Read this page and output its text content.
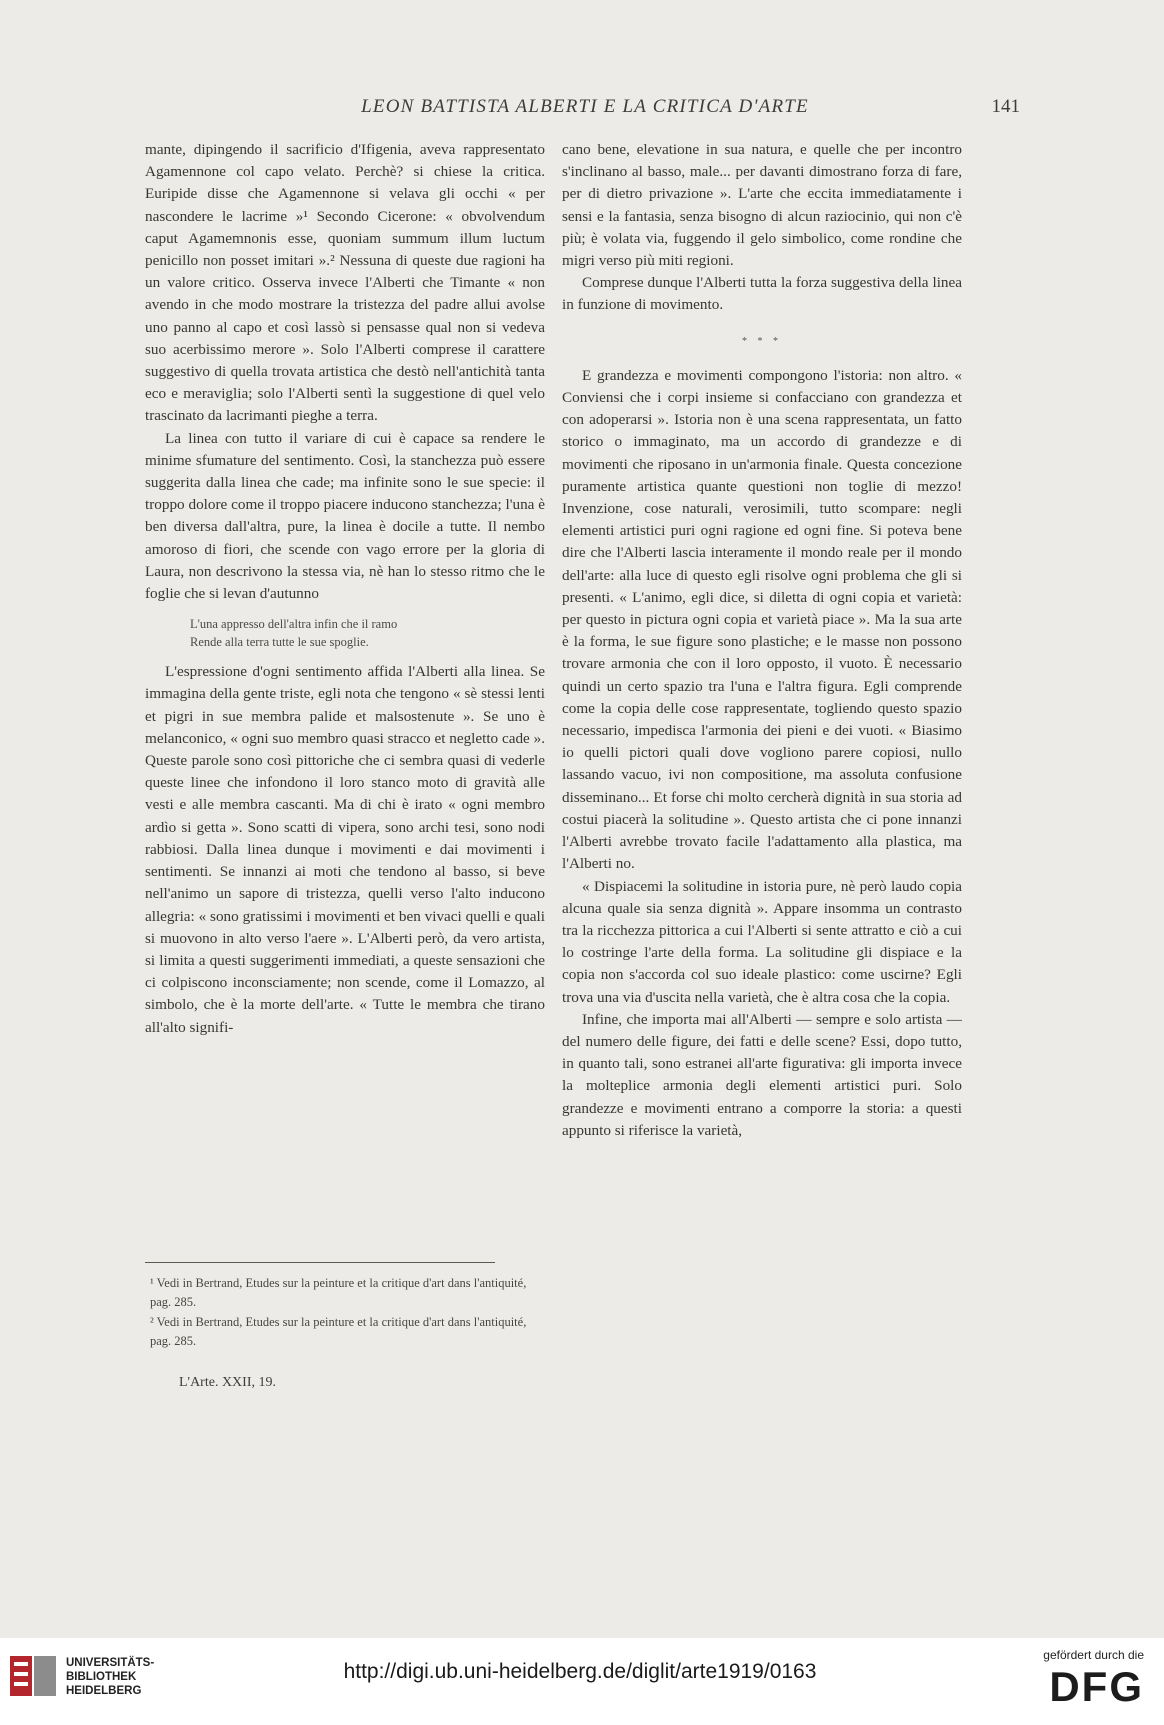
LEON BATTISTA ALBERTI E LA CRITICA D'ARTE	141

mante, dipingendo il sacrificio d'Ifigenia, aveva rappresentato Agamennone col capo velato. Perchè? si chiese la critica. Euripide disse che Agamennone si velava gli occhi « per nascondere le lacrime »¹ Secondo Cicerone: « obvolvendum caput Agamemnonis esse, quoniam summum illum luctum penicillo non posset imitari ».² Nessuna di queste due ragioni ha un valore critico. Osserva invece l'Alberti che Timante « non avendo in che modo mostrare la tristezza del padre allui avolse uno panno al capo et così lassò si pensasse qual non si vedeva suo acerbissimo merore ». Solo l'Alberti comprese il carattere suggestivo di quella trovata artistica che destò nell'antichità tanta eco e meraviglia; solo l'Alberti sentì la suggestione di quel velo trascinato da lacrimanti pieghe a terra.

La linea con tutto il variare di cui è capace sa rendere le minime sfumature del sentimento. Così, la stanchezza può essere suggerita dalla linea che cade; ma infinite sono le sue specie: il troppo dolore come il troppo piacere inducono stanchezza; l'una è ben diversa dall'altra, pure, la linea è docile a tutte. Il nembo amoroso di fiori, che scende con vago errore per la gloria di Laura, non descrivono la stessa via, nè han lo stesso ritmo che le foglie che si levan d'autunno

L'una appresso dell'altra infin che il ramo
Rende alla terra tutte le sue spoglie.

L'espressione d'ogni sentimento affida l'Alberti alla linea. Se immagina della gente triste, egli nota che tengono « sè stessi lenti et pigri in sue membra palide et malsostenute ». Se uno è melanconico, « ogni suo membro quasi stracco et negletto cade ». Queste parole sono così pittoriche che ci sembra quasi di vederle queste linee che infondono il loro stanco moto di gravità alle vesti e alle membra cascanti. Ma di chi è irato « ogni membro ardìo si getta ». Sono scatti di vipera, sono archi tesi, sono nodi rabbiosi. Dalla linea dunque i movimenti e dai movimenti i sentimenti. Se innanzi ai moti che tendono al basso, si beve nell'animo un sapore di tristezza, quelli verso l'alto inducono allegria: « sono gratissimi i movimenti et ben vivaci quelli e quali si muovono in alto verso l'aere ». L'Alberti però, da vero artista, si limita a questi suggerimenti immediati, a queste sensazioni che ci colpiscono inconsciamente; non scende, come il Lomazzo, al simbolo, che è la morte dell'arte. « Tutte le membra che tirano all'alto signifi-

cano bene, elevatione in sua natura, e quelle che per incontro s'inclinano al basso, male... per davanti dimostrano forza di fare, per di dietro privazione ». L'arte che eccita immediatamente i sensi e la fantasia, senza bisogno di alcun raziocinio, qui non c'è più; è volata via, fuggendo il gelo simbolico, come rondine che migri verso più miti regioni.

Comprese dunque l'Alberti tutta la forza suggestiva della linea in funzione di movimento.

* * *

E grandezza e movimenti compongono l'istoria: non altro. « Conviensi che i corpi insieme si confacciano con grandezza et con adoperarsi ». Istoria non è una scena rappresentata, un fatto storico o immaginato, ma un accordo di grandezze e di movimenti che riposano in un'armonia finale. Questa concezione puramente artistica quante questioni non toglie di mezzo! Invenzione, cose naturali, verosimili, tutto scompare: negli elementi artistici puri ogni ragione ed ogni fine. Si poteva bene dire che l'Alberti lascia interamente il mondo reale per il mondo dell'arte: alla luce di questo egli risolve ogni problema che gli si presenti. « L'animo, egli dice, si diletta di ogni copia et varietà: per questo in pictura ogni copia et varietà piace ». Ma la sua arte è la forma, le sue figure sono plastiche; e le masse non possono trovare armonia che con il loro opposto, il vuoto. È necessario quindi un certo spazio tra l'una e l'altra figura. Egli comprende come la copia delle cose rappresentate, togliendo questo spazio necessario, impedisca l'armonia dei pieni e dei vuoti. « Biasimo io quelli pictori quali dove vogliono parere copiosi, nullo lassando vacuo, ivi non compositione, ma assoluta confusione disseminano... Et forse chi molto cercherà dignità in sua storia ad costui piacerà la solitudine ». Questo artista che ci pone innanzi l'Alberti avrebbe trovato facile l'adattamento alla plastica, ma l'Alberti no.

« Dispiacemi la solitudine in istoria pure, nè però laudo copia alcuna quale sia senza dignità ». Appare insomma un contrasto tra la ricchezza pittorica a cui l'Alberti si sente attratto e ciò a cui lo costringe l'arte della forma. La solitudine gli dispiace e la copia non s'accorda col suo ideale plastico: come uscirne? Egli trova una via d'uscita nella varietà, che è altra cosa che la copia.

Infine, che importa mai all'Alberti — sempre e solo artista — del numero delle figure, dei fatti e delle scene? Essi, dopo tutto, in quanto tali, sono estranei all'arte figurativa: gli importa invece la molteplice armonia degli elementi artistici puri. Solo grandezze e movimenti entrano a comporre la storia: a questi appunto si riferisce la varietà,

¹ Vedi in Bertrand, Etudes sur la peinture et la critique d'art dans l'antiquité, pag. 285.

² Vedi in Bertrand, Etudes sur la peinture et la critique d'art dans l'antiquité, pag. 285.

L'Arte. XXII, 19.
UNIVERSITÄTS-
BIBLIOTHEK
HEIDELBERG
http://digi.ub.uni-heidelberg.de/diglit/arte1919/0163
gefördert durch die
DFG
